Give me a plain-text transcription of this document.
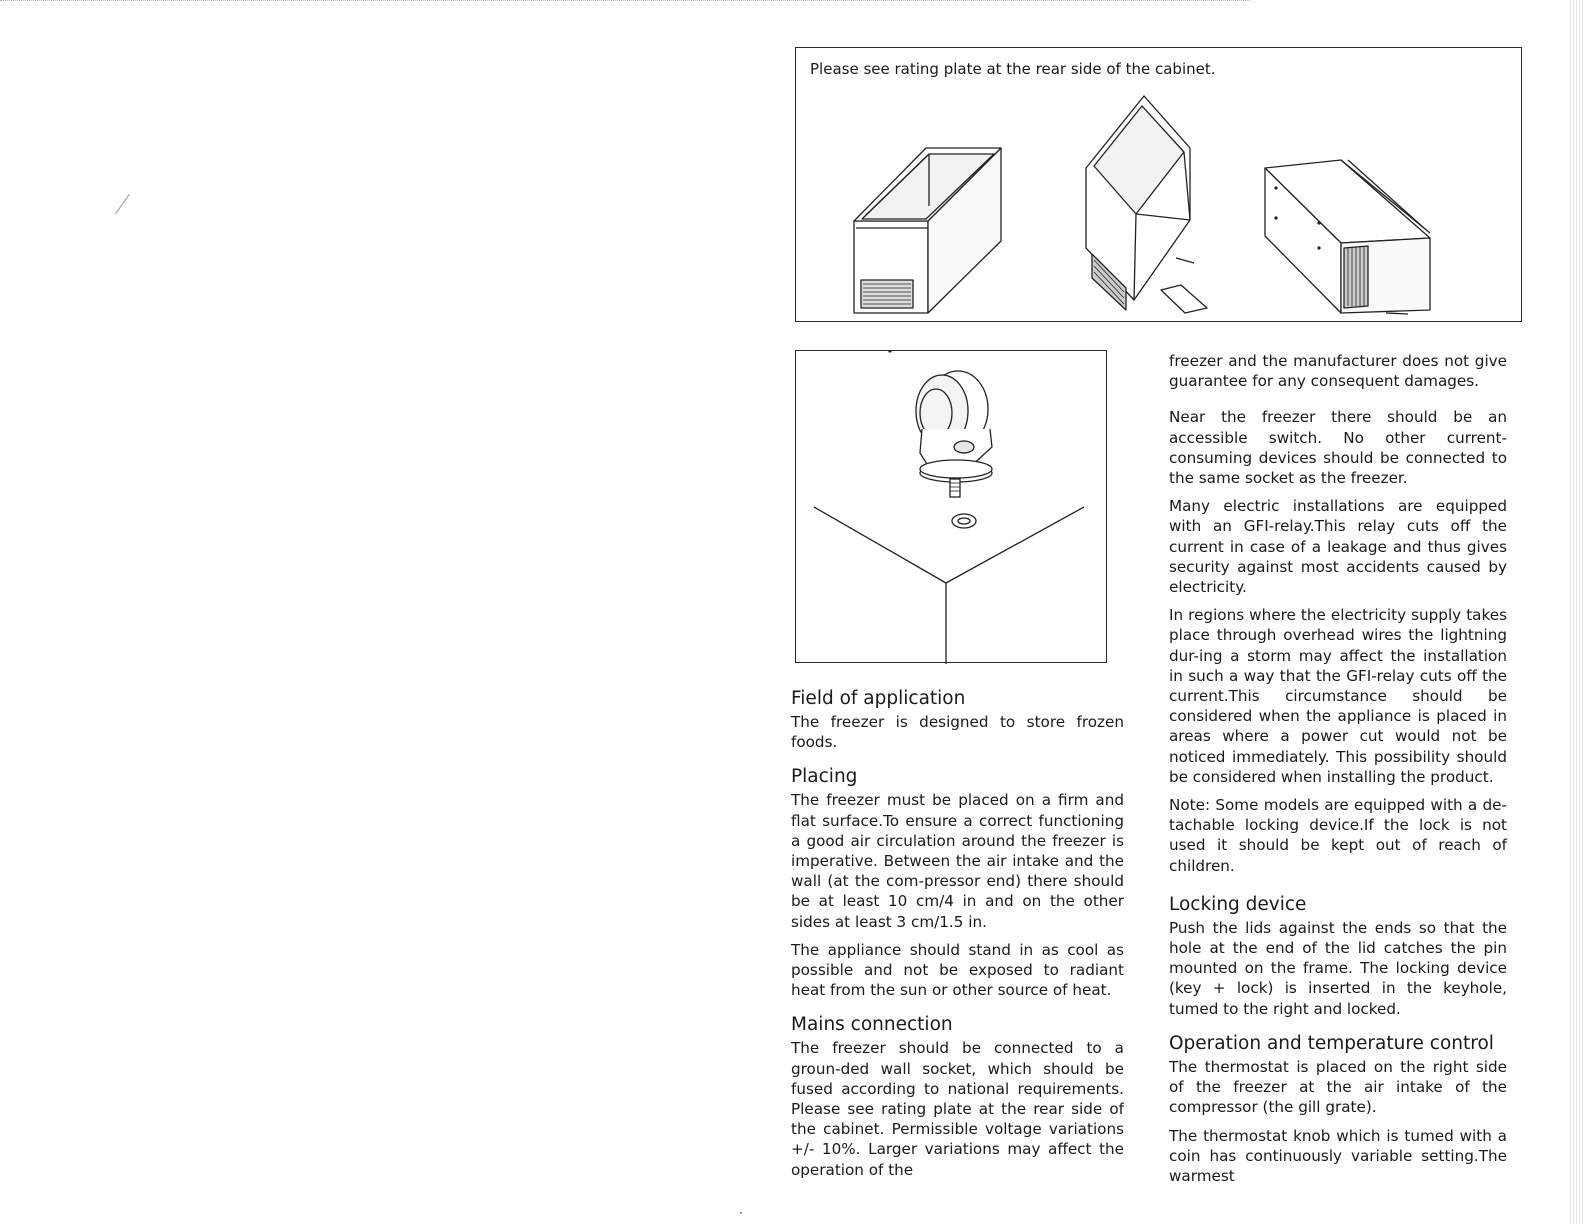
Please see rating plate at the rear side of the cabinet.
Field of application

The freezer is designed to store frozen foods.

Placing

The freezer must be placed on a firm and flat surface.To ensure a correct functioning a good air circulation around the freezer is imperative. Between the air intake and the wall (at the com-pressor end) there should be at least 10 cm/4 in and on the other sides at least 3 cm/1.5 in.

The appliance should stand in as cool as possible and not be exposed to radiant heat from the sun or other source of heat.

Mains connection

The freezer should be connected to a groun-ded wall socket, which should be fused according to national requirements. Please see rating plate at the rear side of the cabinet. Permissible voltage variations +/- 10%. Larger variations may affect the operation of the

freezer and the manufacturer does not give guarantee for any consequent damages.

Near the freezer there should be an accessible switch. No other current-consuming devices should be connected to the same socket as the freezer.

Many electric installations are equipped with an GFI-relay.This relay cuts off the current in case of a leakage and thus gives security against most accidents caused by electricity.

In regions where the electricity supply takes place through overhead wires the lightning dur-ing a storm may affect the installation in such a way that the GFI-relay cuts off the current.This circumstance should be considered when the appliance is placed in areas where a power cut would not be noticed immediately. This possibility should be considered when installing the product.

Note: Some models are equipped with a de-tachable locking device.If the lock is not used it should be kept out of reach of children.

Locking device

Push the lids against the ends so that the hole at the end of the lid catches the pin mounted on the frame. The locking device (key + lock) is inserted in the keyhole, tumed to the right and locked.

Operation and temperature control

The thermostat is placed on the right side of the freezer at the air intake of the compressor (the gill grate).

The thermostat knob which is tumed with a coin has continuously variable setting.The warmest
